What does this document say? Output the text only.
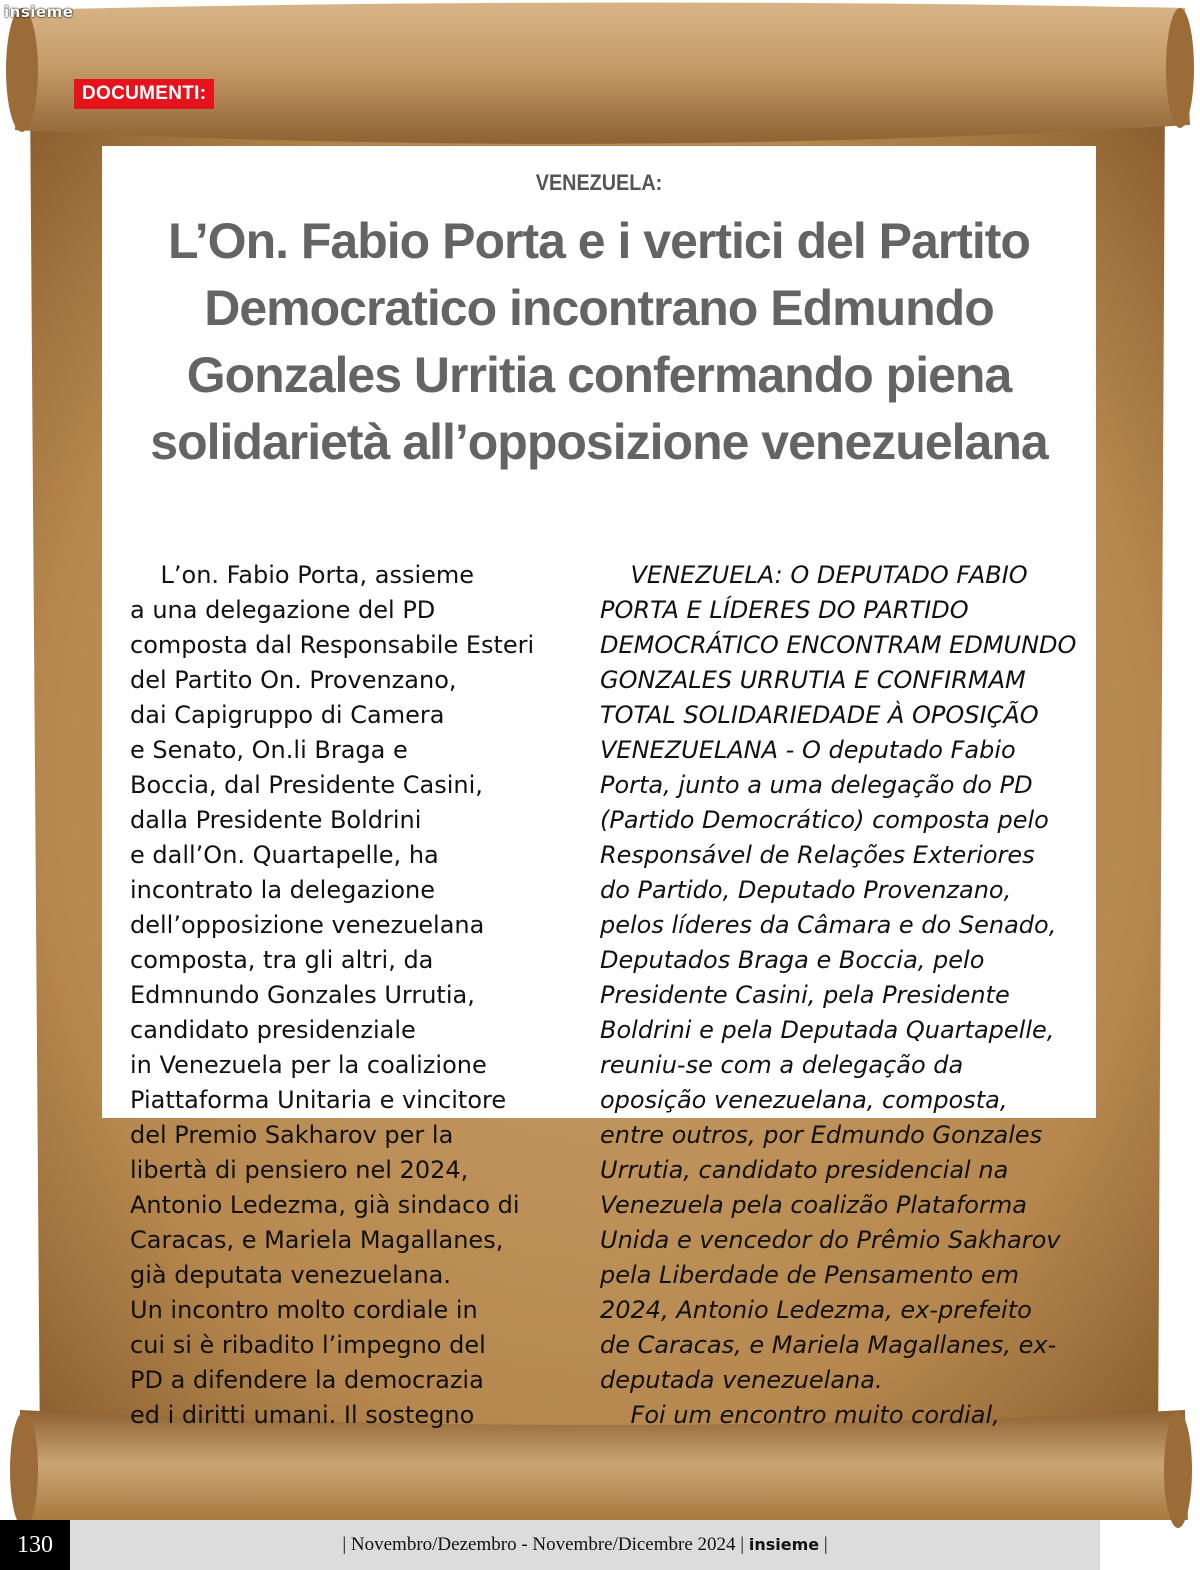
insieme
DOCUMENTI:
VENEZUELA:
L’On. Fabio Porta e i vertici del Partito Democratico incontrano Edmundo Gonzales Urritia confermando piena solidarietà all’opposizione venezuelana

L’on. Fabio Porta, assieme
a una delegazione del PD
composta dal Responsabile Esteri
del Partito On. Provenzano,
dai Capigruppo di Camera
e Senato, On.li Braga e
Boccia, dal Presidente Casini,
dalla Presidente Boldrini
e dall’On. Quartapelle, ha
incontrato la delegazione
dell’opposizione venezuelana
composta, tra gli altri, da
Edmnundo Gonzales Urrutia,
candidato presidenziale
in Venezuela per la coalizione
Piattaforma Unitaria e vincitore
del Premio Sakharov per la
libertà di pensiero nel 2024,
Antonio Ledezma, già sindaco di
Caracas, e Mariela Magallanes,
già deputata venezuelana.
Un incontro molto cordiale in
cui si è ribadito l’impegno del
PD a difendere la democrazia
ed i diritti umani. Il sostegno

VENEZUELA: O DEPUTADO FABIO
PORTA E LÍDERES DO PARTIDO
DEMOCRÁTICO ENCONTRAM EDMUNDO
GONZALES URRUTIA E CONFIRMAM
TOTAL SOLIDARIEDADE À OPOSIÇÃO
VENEZUELANA - O deputado Fabio
Porta, junto a uma delegação do PD
(Partido Democrático) composta pelo
Responsável de Relações Exteriores
do Partido, Deputado Provenzano,
pelos líderes da Câmara e do Senado,
Deputados Braga e Boccia, pelo
Presidente Casini, pela Presidente
Boldrini e pela Deputada Quartapelle,
reuniu-se com a delegação da
oposição venezuelana, composta,
entre outros, por Edmundo Gonzales
Urrutia, candidato presidencial na
Venezuela pela coalizão Plataforma
Unida e vencedor do Prêmio Sakharov
pela Liberdade de Pensamento em
2024, Antonio Ledezma, ex-prefeito
de Caracas, e Mariela Magallanes, ex-
deputada venezuelana.
Foi um encontro muito cordial,

130	| Novembro/Dezembro - Novembre/Dicembre 2024 | insieme |
